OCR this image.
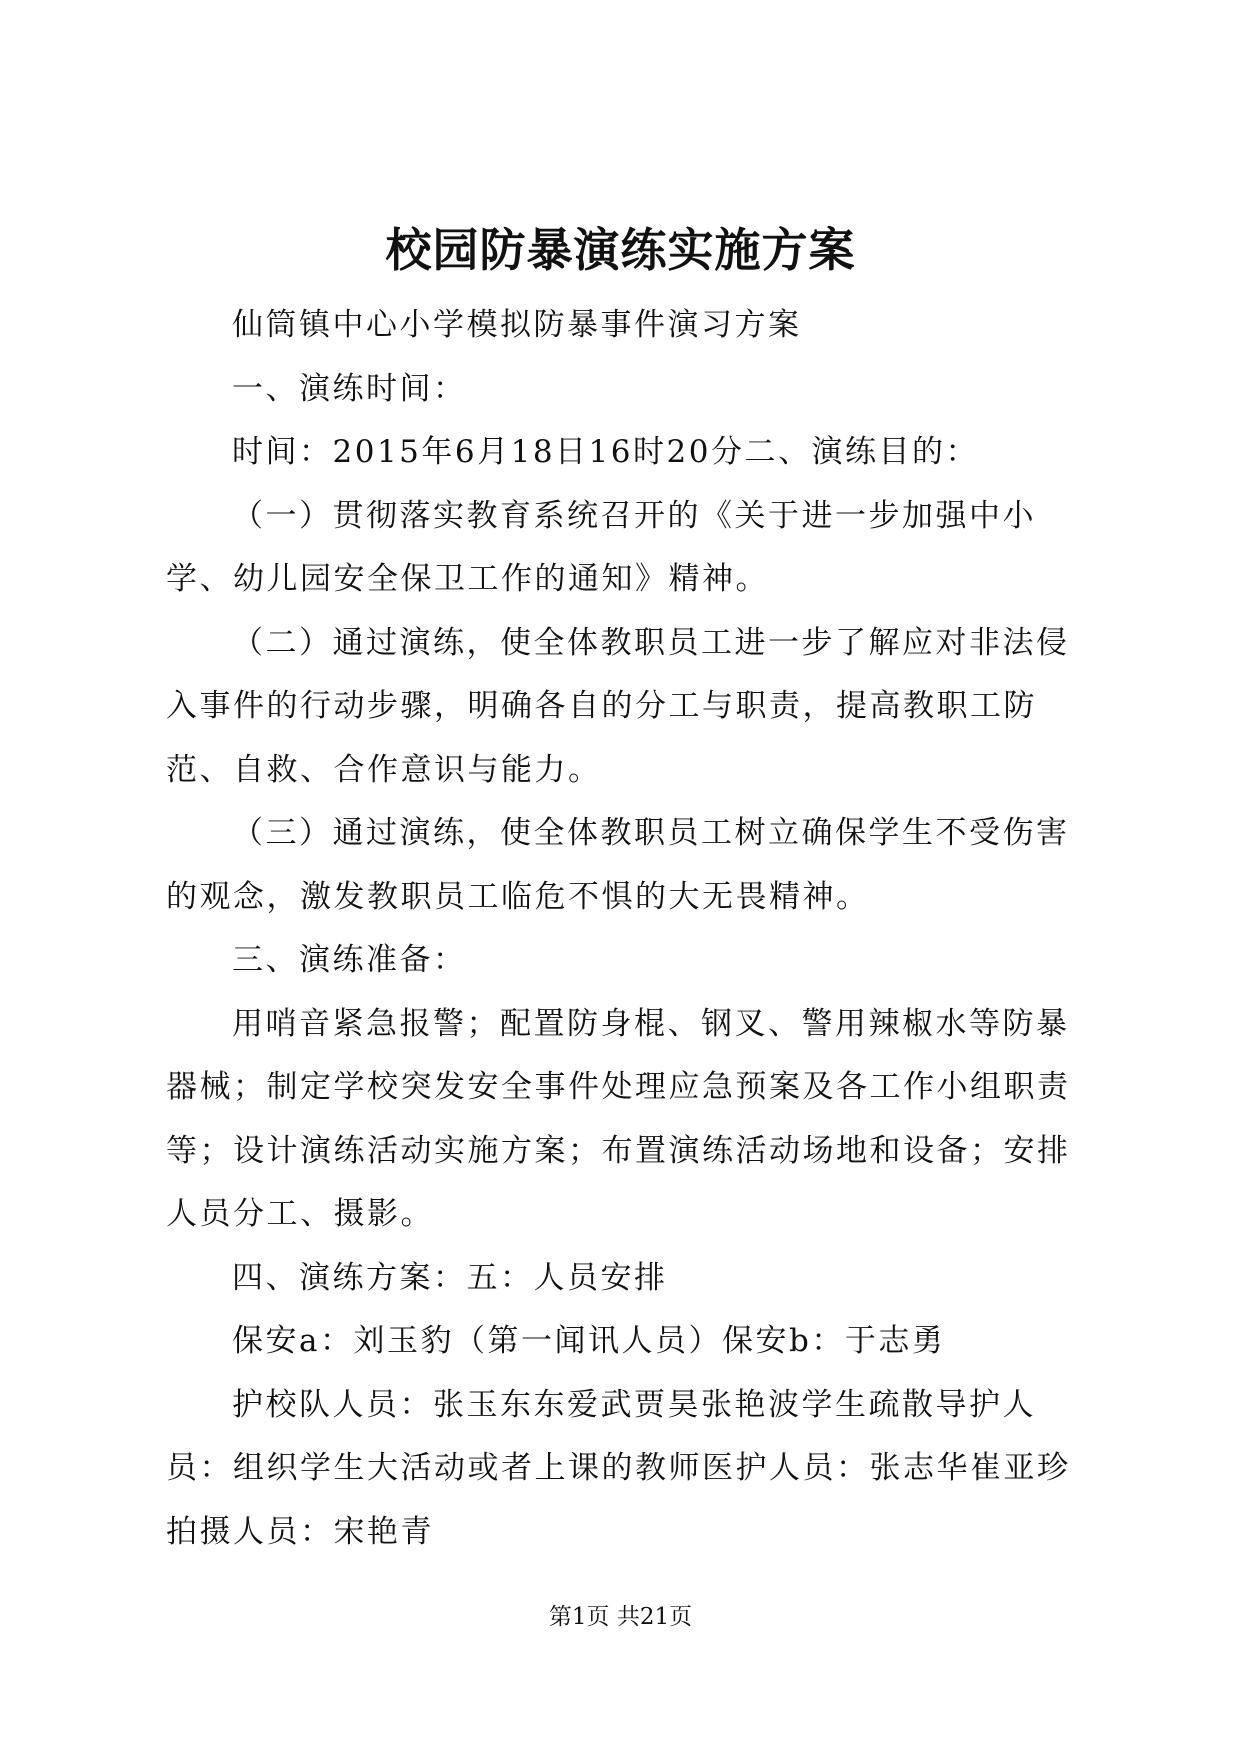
校园防暴演练实施方案

仙筒镇中心小学模拟防暴事件演习方案

一、演练时间：

时间：2015年6月18日16时20分二、演练目的：

（一）贯彻落实教育系统召开的《关于进一步加强中小学、幼儿园安全保卫工作的通知》精神。

（二）通过演练，使全体教职员工进一步了解应对非法侵入事件的行动步骤，明确各自的分工与职责，提高教职工防范、自救、合作意识与能力。

（三）通过演练，使全体教职员工树立确保学生不受伤害的观念，激发教职员工临危不惧的大无畏精神。

三、演练准备：

用哨音紧急报警；配置防身棍、钢叉、警用辣椒水等防暴器械；制定学校突发安全事件处理应急预案及各工作小组职责等；设计演练活动实施方案；布置演练活动场地和设备；安排人员分工、摄影。

四、演练方案：五：人员安排

保安a：刘玉豹（第一闻讯人员）保安b：于志勇

护校队人员：张玉东东爱武贾昊张艳波学生疏散导护人员：组织学生大活动或者上课的教师医护人员：张志华崔亚珍拍摄人员：宋艳青

第1页 共21页
